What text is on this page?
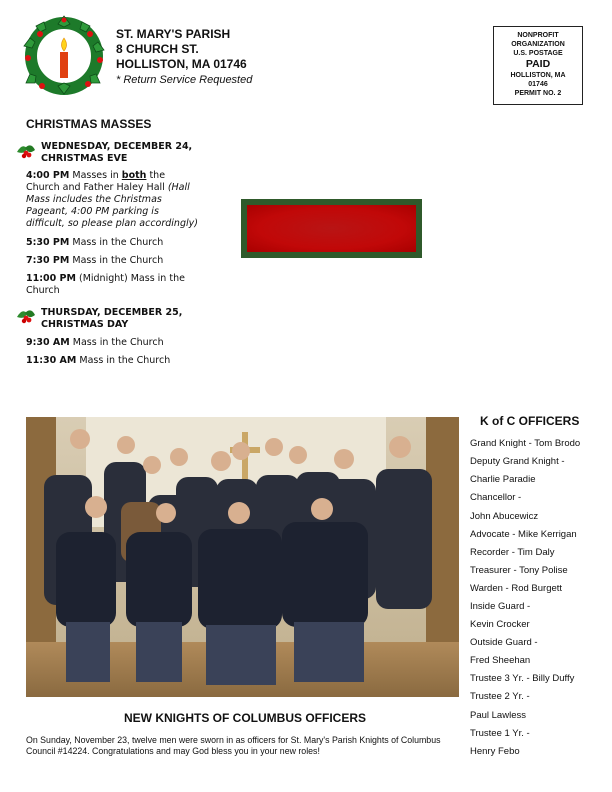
ST. MARY'S PARISH
8 CHURCH ST.
HOLLISTON, MA 01746
* Return Service Requested
NONPROFIT
ORGANIZATION
U.S. POSTAGE
PAID
HOLLISTON, MA
01746
PERMIT NO. 2
CHRISTMAS MASSES
WEDNESDAY, DECEMBER 24,
CHRISTMAS EVE
4:00 PM Masses in both the Church and Father Haley Hall (Hall Mass includes the Christmas Pageant, 4:00 PM parking is difficult, so please plan accordingly)
5:30 PM Mass in the Church
7:30 PM Mass in the Church
11:00 PM (Midnight) Mass in the Church
THURSDAY, DECEMBER 25,
CHRISTMAS DAY
9:30 AM Mass in the Church
11:30 AM Mass in the Church
K of C OFFICERS
Grand Knight - Tom Brodo
Deputy Grand Knight -
Charlie Paradie
Chancellor -
John Abucewicz
Advocate - Mike Kerrigan
Recorder - Tim Daly
Treasurer - Tony Polise
Warden - Rod Burgett
Inside Guard -
Kevin Crocker
Outside Guard -
Fred Sheehan
Trustee 3 Yr. - Billy Duffy
Trustee 2 Yr. -
Paul Lawless
Trustee 1 Yr. -
Henry Febo
NEW KNIGHTS OF COLUMBUS OFFICERS
On Sunday, November 23, twelve men were sworn in as officers for St. Mary's Parish Knights of Columbus Council #14224. Congratulations and may God bless you in your new roles!
